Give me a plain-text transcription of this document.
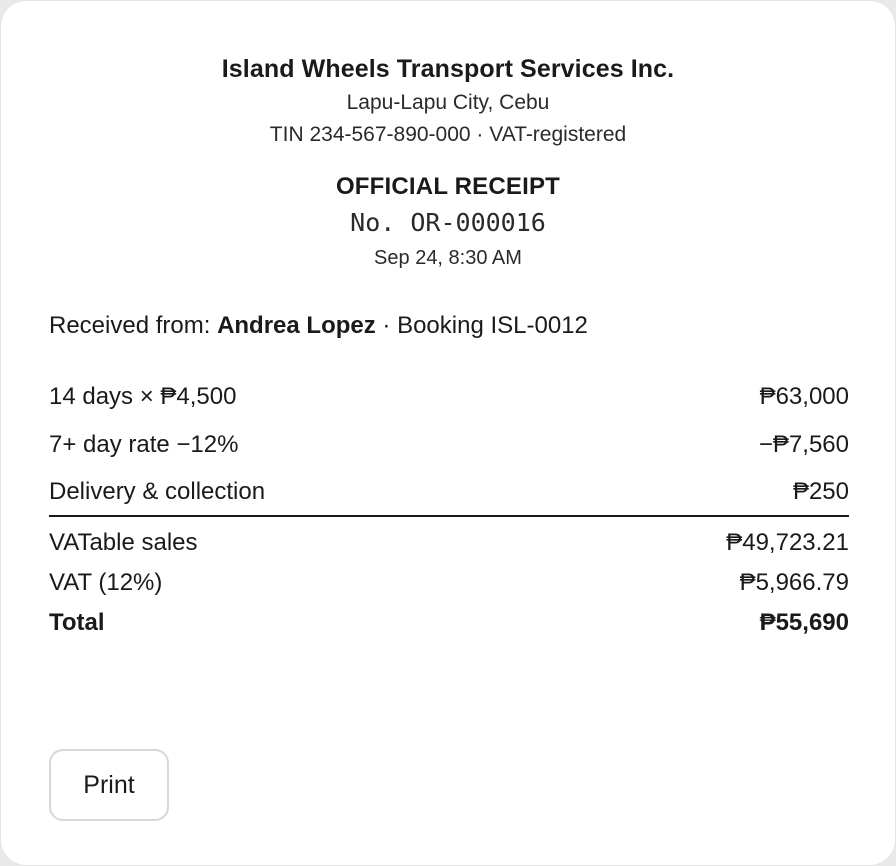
Island Wheels Transport Services Inc.
Lapu-Lapu City, Cebu
TIN 234-567-890-000 · VAT-registered
OFFICIAL RECEIPT
No. OR-000016
Sep 24, 8:30 AM
Received from: Andrea Lopez · Booking ISL-0012
14 days × ₱4,500	₱63,000
7+ day rate −12%	−₱7,560
Delivery & collection	₱250
VATable sales	₱49,723.21
VAT (12%)	₱5,966.79
Total	₱55,690
Print
